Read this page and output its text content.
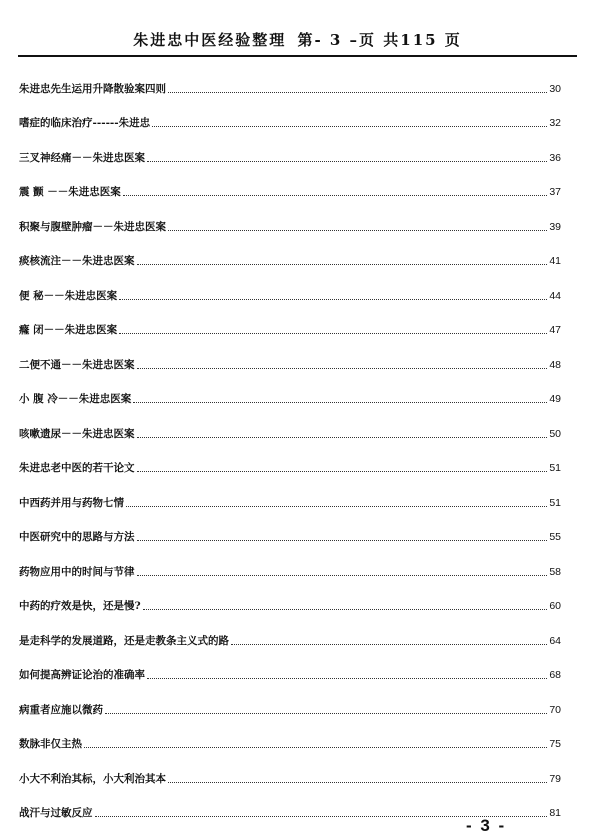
朱进忠中医经验整理 第- 3 –页 共115 页
朱进忠先生运用升降散验案四则	30
嗜症的临床治疗------朱进忠	32
三叉神经痛－－朱进忠医案	36
震 颤 －－朱进忠医案	37
积聚与腹壁肿瘤－－朱进忠医案	39
痰核流注－－朱进忠医案	41
便 秘－－朱进忠医案	44
癃 闭－－朱进忠医案	47
二便不通－－朱进忠医案	48
小 腹 冷－－朱进忠医案	49
咳嗽遗尿－－朱进忠医案	50
朱进忠老中医的若干论文	51
中西药并用与药物七情	51
中医研究中的思路与方法	55
药物应用中的时间与节律	58
中药的疗效是快，还是慢?	60
是走科学的发展道路，还是走教条主义式的路	64
如何提高辨证论治的准确率	68
病重者应施以微药	70
数脉非仅主热	75
小大不利治其标，小大利治其本	79
战汗与过敏反应	81
- 3 -
